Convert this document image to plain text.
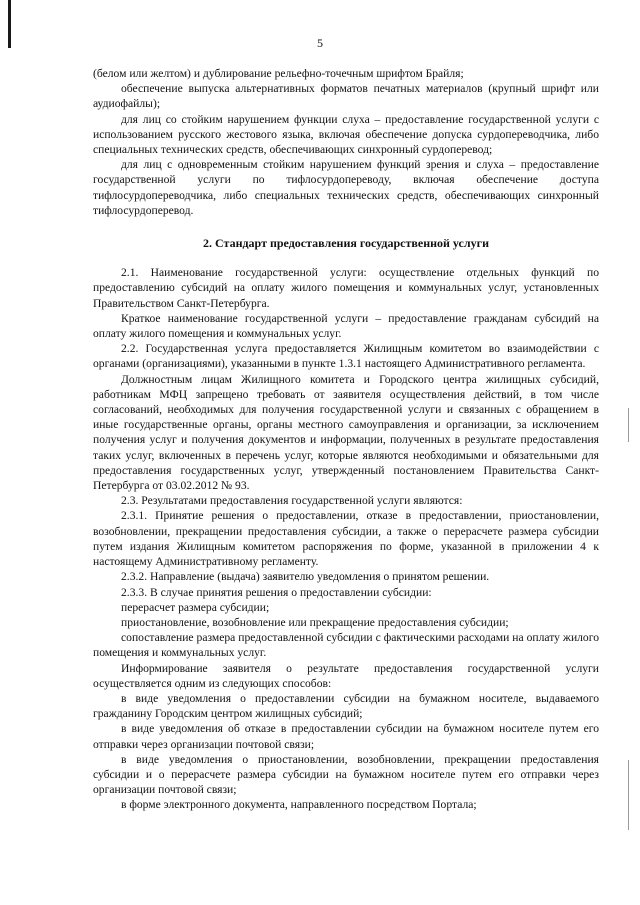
5

(белом или желтом) и дублирование рельефно-точечным шрифтом Брайля;

обеспечение выпуска альтернативных форматов печатных материалов (крупный шрифт или аудиофайлы);

для лиц со стойким нарушением функции слуха – предоставление государственной услуги с использованием русского жестового языка, включая обеспечение допуска сурдопереводчика, либо специальных технических средств, обеспечивающих синхронный сурдоперевод;

для лиц с одновременным стойким нарушением функций зрения и слуха – предоставление государственной услуги по тифлосурдопереводу, включая обеспечение доступа тифлосурдопереводчика, либо специальных технических средств, обеспечивающих синхронный тифлосурдоперевод.

2. Стандарт предоставления государственной услуги

2.1. Наименование государственной услуги: осуществление отдельных функций по предоставлению субсидий на оплату жилого помещения и коммунальных услуг, установленных Правительством Санкт-Петербурга.

Краткое наименование государственной услуги – предоставление гражданам субсидий на оплату жилого помещения и коммунальных услуг.

2.2. Государственная услуга предоставляется Жилищным комитетом во взаимодействии с органами (организациями), указанными в пункте 1.3.1 настоящего Административного регламента.

Должностным лицам Жилищного комитета и Городского центра жилищных субсидий, работникам МФЦ запрещено требовать от заявителя осуществления действий, в том числе согласований, необходимых для получения государственной услуги и связанных с обращением в иные государственные органы, органы местного самоуправления и организации, за исключением получения услуг и получения документов и информации, полученных в результате предоставления таких услуг, включенных в перечень услуг, которые являются необходимыми и обязательными для предоставления государственных услуг, утвержденный постановлением Правительства Санкт-Петербурга от 03.02.2012 № 93.

2.3. Результатами предоставления государственной услуги являются:

2.3.1. Принятие решения о предоставлении, отказе в предоставлении, приостановлении, возобновлении, прекращении предоставления субсидии, а также о перерасчете размера субсидии путем издания Жилищным комитетом распоряжения по форме, указанной в приложении 4 к настоящему Административному регламенту.

2.3.2. Направление (выдача) заявителю уведомления о принятом решении.

2.3.3. В случае принятия решения о предоставлении субсидии:

перерасчет размера субсидии;

приостановление, возобновление или прекращение предоставления субсидии;

сопоставление размера предоставленной субсидии с фактическими расходами на оплату жилого помещения и коммунальных услуг.

Информирование заявителя о результате предоставления государственной услуги осуществляется одним из следующих способов:

в виде уведомления о предоставлении субсидии на бумажном носителе, выдаваемого гражданину Городским центром жилищных субсидий;

в виде уведомления об отказе в предоставлении субсидии на бумажном носителе путем его отправки через организации почтовой связи;

в виде уведомления о приостановлении, возобновлении, прекращении предоставления субсидии и о перерасчете размера субсидии на бумажном носителе путем его отправки через организации почтовой связи;

в форме электронного документа, направленного посредством Портала;
